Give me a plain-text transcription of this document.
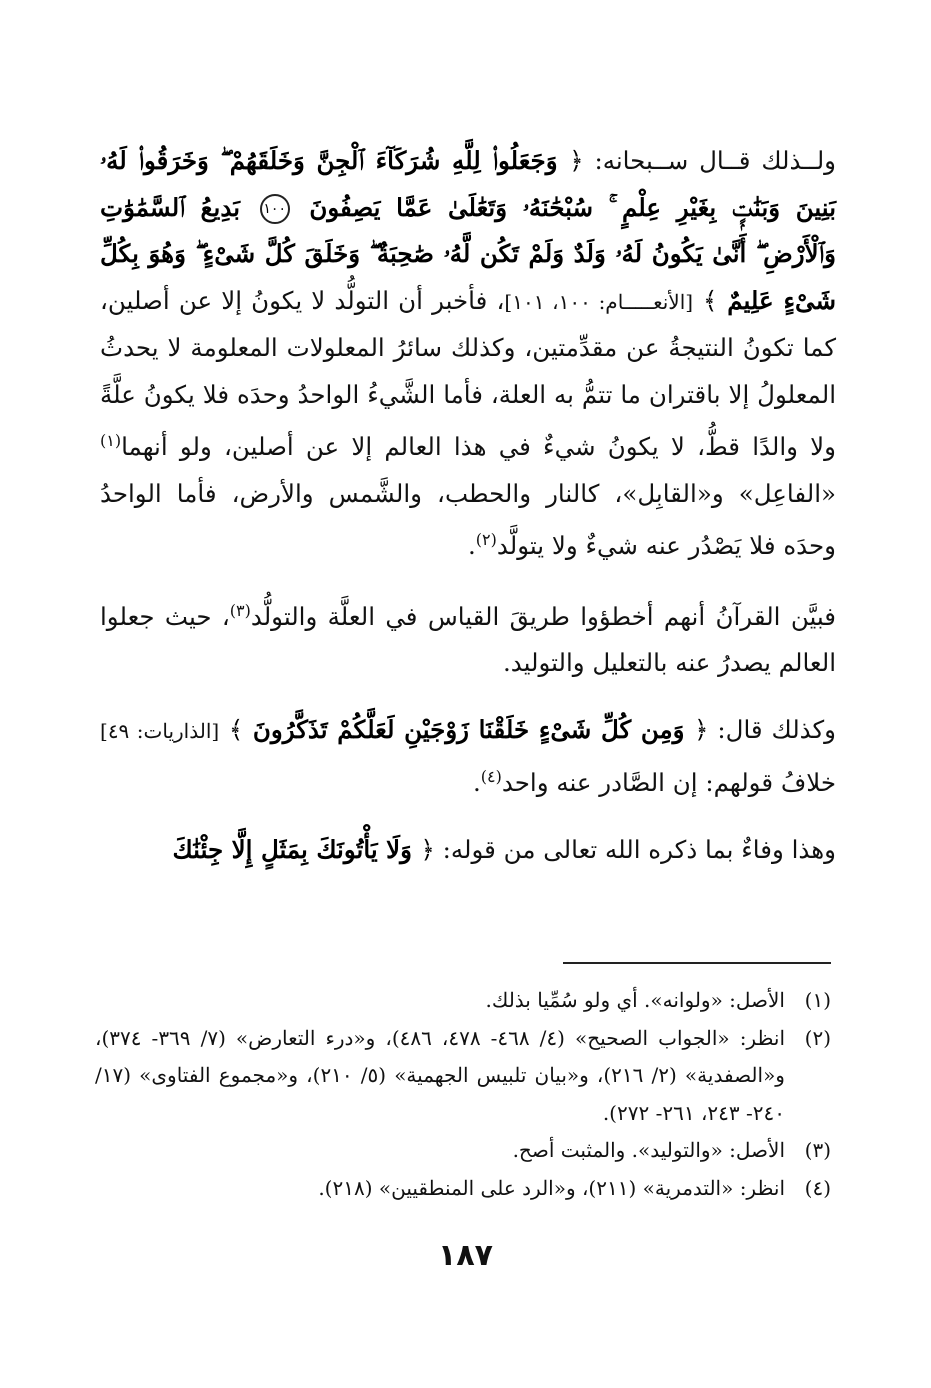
ولــذلك قــال ســبحانه: ﴿ وَجَعَلُوا۟ لِلَّهِ شُرَكَآءَ ٱلْجِنَّ وَخَلَقَهُمْ ۖ وَخَرَقُوا۟ لَهُۥ بَنِينَ وَبَنَٰتٍۭ بِغَيْرِ عِلْمٍ ۚ سُبْحَٰنَهُۥ وَتَعَٰلَىٰ عَمَّا يَصِفُونَ ١٠٠ بَدِيعُ ٱلسَّمَٰوَٰتِ وَٱلْأَرْضِ ۖ أَنَّىٰ يَكُونُ لَهُۥ وَلَدٌ وَلَمْ تَكُن لَّهُۥ صَٰحِبَةٌ ۖ وَخَلَقَ كُلَّ شَىْءٍ ۖ وَهُوَ بِكُلِّ شَىْءٍ عَلِيمٌ ﴾ [الأنعـــــام: ١٠٠، ١٠١]، فأخبر أن التولُّد لا يكونُ إلا عن أصلين، كما تكونُ النتيجةُ عن مقدِّمتين، وكذلك سائرُ المعلولات المعلومة لا يحدثُ المعلولُ إلا باقتران ما تتمُّ به العلة، فأما الشَّيءُ الواحدُ وحدَه فلا يكونُ علَّةً ولا والدًا قطُّ، لا يكونُ شيءٌ في هذا العالم إلا عن أصلين، ولو أنهما$^{(١)}$ «الفاعِل» و«القابِل»، كالنار والحطب، والشَّمس والأرض، فأما الواحدُ وحدَه فلا يَصْدُر عنه شيءٌ ولا يتولَّد$^{(٢)}$.

فبيَّن القرآنُ أنهم أخطؤوا طريقَ القياس في العلَّة والتولُّد$^{(٣)}$، حيث جعلوا العالم يصدرُ عنه بالتعليل والتوليد.

وكذلك قال: ﴿ وَمِن كُلِّ شَىْءٍ خَلَقْنَا زَوْجَيْنِ لَعَلَّكُمْ تَذَكَّرُونَ ﴾ [الذاريات: ٤٩] خلافُ قولهم: إن الصَّادر عنه واحد$^{(٤)}$.

وهذا وفاءٌ بما ذكره الله تعالى من قوله: ﴿ وَلَا يَأْتُونَكَ بِمَثَلٍ إِلَّا جِئْنَٰكَ

(١)
الأصل: «ولوانه». أي ولو سُمِّيا بذلك.
(٢)
انظر: «الجواب الصحيح» (٤/ ٤٦٨- ٤٧٨، ٤٨٦)، و«درء التعارض» (٧/ ٣٦٩- ٣٧٤)، و«الصفدية» (٢/ ٢١٦)، و«بيان تلبيس الجهمية» (٥/ ٢١٠)، و«مجموع الفتاوى» (١٧/ ٢٤٠- ٢٤٣، ٢٦١- ٢٧٢).
(٣)
الأصل: «والتوليد». والمثبت أصح.
(٤)
انظر: «التدمرية» (٢١١)، و«الرد على المنطقيين» (٢١٨).
١٨٧
